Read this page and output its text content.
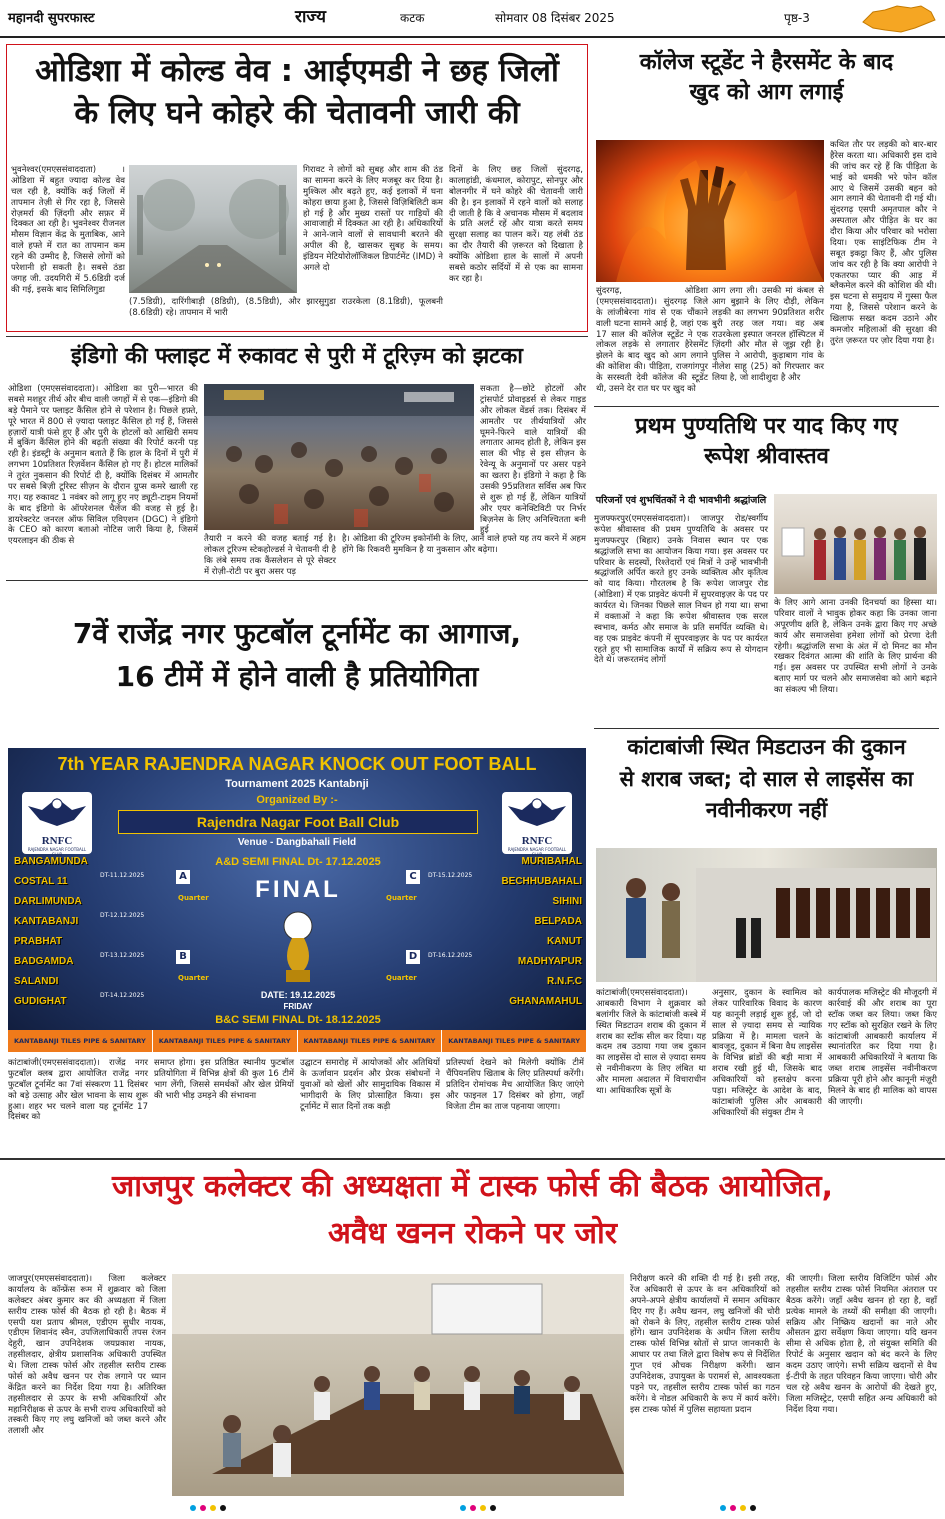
महानदी सुपरफास्ट	राज्य	कटक	सोमवार 08 दिसंबर 2025	पृष्ठ-3
ओडिशा में कोल्ड वेव : आईएमडी ने छह जिलों
के लिए घने कोहरे की चेतावनी जारी की
भुवनेश्वर(एमएससंवाददाता) । ओडिशा में बहुत ज्यादा कोल्ड वेव चल रही है, क्योंकि कई जिलों में तापमान तेज़ी से गिर रहा है, जिससे रोज़मर्रा की ज़िंदगी और सफ़र में दिक्कत आ रही है। भुवनेश्वर रीजनल मौसम विज्ञान केंद्र के मुताबिक, आने वाले हफ्ते में रात का तापमान कम रहने की उम्मीद है, जिससे लोगों को परेशानी हो सकती है। सबसे ठंडा जगह जी. उदयगिरी में 5.6डिग्री दर्ज की गई, इसके बाद सिमिलिगुडा
गिरावट ने लोगों को सुबह और शाम की ठंड का सामना करने के लिए मजबूर कर दिया है। मुश्किल और बढ़ते हुए, कई इलाकों में घना कोहरा छाया हुआ है, जिससे विज़िबिलिटी कम हो गई है और मुख्य रास्तों पर गाड़ियों की आवाजाही में दिक्कत आ रही है। अधिकारियों ने आने-जाने वालों से सावधानी बरतने की अपील की है, खासकर सुबह के समय। इंडियन मेटियोरोलॉजिकल डिपार्टमेंट (IMD) ने अगले दो
दिनों के लिए छह जिलों सुंदरगढ़, कालाहांडी, कंधमाल, कोरापुट, सोनपुर और बोलनगीर में घने कोहरे की चेतावनी जारी की है। इन इलाकों में रहने वालों को सलाह दी जाती है कि वे अचानक मौसम में बदलाव के प्रति अलर्ट रहें और यात्रा करते समय सुरक्षा सलाह का पालन करें। यह लंबी ठंड का दौर तैयारी की ज़रूरत को दिखाता है क्योंकि ओडिशा हाल के सालों में अपनी सबसे कठोर सर्दियों में से एक का सामना कर रहा है।
(7.5डिग्री), दारिंगीबाड़ी (8डिग्री), (8.5डिग्री), और झारसुगुडा राउरकेला (8.1डिग्री), फूलबनी (8.6डिग्री) रहे। तापमान में भारी
कॉलेज स्टूडेंट ने हैरसमेंट के बाद
खुद को आग लगाई
कथित तौर पर लड़की को बार-बार हैरेस करता था। अधिकारी इस दावे की जांच कर रहे हैं कि पीड़िता के भाई को धमकी भरे फोन कॉल आए थे जिसमें उसकी बहन को आग लगाने की चेतावनी दी गई थी। सुंदरगढ़ एसपी अमृतपाल कौर ने अस्पताल और पीड़ित के घर का दौरा किया और परिवार को भरोसा दिया। एक साइंटिफिक टीम ने सबूत इकट्ठा किए हैं, और पुलिस जांच कर रही है कि क्या आरोपी ने एकतरफा प्यार की आड़ में ब्लैकमेल करने की कोशिश की थी। इस घटना से समुदाय में गुस्सा फैल गया है, जिससे परेशान करने के खिलाफ सख्त कदम उठाने और कमजोर महिलाओं की सुरक्षा की तुरंत ज़रूरत पर ज़ोर दिया गया है।
सुंदरगढ़, ओडिशा (एमएससंवाददाता)। सुंदरगढ़ जिले के लांजीबेरना गांव से एक चौंकाने वाली घटना सामने आई है, जहां एक 17 साल की कॉलेज स्टूडेंट ने एक लोकल लड़के से लगातार हैरेसमेंट झेलने के बाद खुद को आग लगाने की कोशिश की। पीड़िता, राजगांगपुर के सरस्वती देवी कॉलेज की स्टूडेंट थी, उसने देर रात घर पर खुद को
आग लगा ली। उसकी मां कंबल से आग बुझाने के लिए दौड़ी, लेकिन लड़की का लगभग 90प्रतिशत शरीर बुरी तरह जल गया। वह अब राउरकेला इस्पात जनरल हॉस्पिटल में ज़िंदगी और मौत से जूझ रही है। पुलिस ने आरोपी, कुड़ाबाग गांव के नीलेश साहू (25) को गिरफ्तार कर लिया है, जो शादीशुदा है और
इंडिगो की फ्लाइट में रुकावट से पुरी में टूरिज़्म को झटका
ओडिशा (एमएससंवाददाता)। ओडिशा का पुरी—भारत की सबसे मशहूर तीर्थ और बीच वाली जगहों में से एक—इंडिगो की बड़े पैमाने पर फ्लाइट कैंसिल होने से परेशान है। पिछले हफ़्ते, पूरे भारत में 800 से ज़्यादा फ्लाइट कैंसिल हो गईं हैं, जिससे हज़ारों यात्री फंसे हुए हैं और पुरी के होटलों को आखिरी समय में बुकिंग कैंसिल होने की बढ़ती संख्या की रिपोर्ट करनी पड़ रही है। इंडस्ट्री के अनुमान बताते हैं कि हाल के दिनों में पुरी में लगभग 10प्रतिशत रिज़र्वेशन कैंसिल हो गए हैं। होटल मालिकों ने तुरंत नुकसान की रिपोर्ट दी है, क्योंकि दिसंबर में आमतौर पर सबसे बिज़ी टूरिस्ट सीज़न के दौरान ग्रुप्स कमरे खाली रह गए। यह रुकावट 1 नवंबर को लागू हुए नए ड्यूटी-टाइम नियमों के बाद इंडिगो के ऑपरेशनल चैलेंज की वजह से हुई है। डायरेक्टरेट जनरल ऑफ सिविल एविएशन (DGC) ने इंडिगो के CEO को कारण बताओ नोटिस जारी किया है, जिसमें एयरलाइन की ठीक से
सकता है—छोटे होटलों और ट्रांसपोर्ट प्रोवाइडर्स से लेकर गाइड और लोकल वेंडर्स तक। दिसंबर में आमतौर पर तीर्थयात्रियों और घूमने-फिरने वाले यात्रियों की लगातार आमद होती है, लेकिन इस साल की भीड़ से इस सीज़न के रेवेन्यू के अनुमानों पर असर पड़ने का खतरा है। इंडिगो ने कहा है कि उसकी 95प्रतिशत सर्विस अब फिर से शुरू हो गई हैं, लेकिन यात्रियों और एयर कनेक्टिविटी पर निर्भर बिज़नेस के लिए अनिश्चितता बनी हुई
तैयारी न करने की वजह बताई गई है। लोकल टूरिज्म स्टेकहोल्डर्स ने चेतावनी दी है कि लंबे समय तक कैंसलेशन से पूरे सेक्टर में रोज़ी-रोटी पर बुरा असर पड़
है। ओडिशा की टूरिज्म इकोनॉमी के लिए, आने वाले हफ्ते यह तय करने में अहम होंगे कि रिकवरी मुमकिन है या नुकसान और बढ़ेगा।
प्रथम पुण्यतिथि पर याद किए गए
रूपेश श्रीवास्तव
परिजनों एवं शुभचिंतकों ने दी भावभीनी श्रद्धांजलि
मुजफ्फरपुर(एमएससंवाददाता)। जाजपुर रोड/स्वर्गीय रूपेश श्रीवास्तव की प्रथम पुण्यतिथि के अवसर पर मुजफ्फरपुर (बिहार) उनके निवास स्थान पर एक श्रद्धांजलि सभा का आयोजन किया गया। इस अवसर पर परिवार के सदस्यों, रिश्तेदारों एवं मित्रों ने उन्हें भावभीनी श्रद्धांजलि अर्पित करते हुए उनके व्यक्तित्व और कृतित्व को याद किया। गौरतलब है कि रूपेश जाजपुर रोड (ओडिशा) में एक प्राइवेट कंपनी में सुपरवाइज़र के पद पर कार्यरत थे। जिनका पिछले साल निधन हो गया था। सभा में वक्ताओं ने कहा कि रूपेश श्रीवास्तव एक सरल स्वभाव, कर्मठ और समाज के प्रति समर्पित व्यक्ति थे। वह एक प्राइवेट कंपनी में सुपरवाइज़र के पद पर कार्यरत रहते हुए भी सामाजिक कार्यों में सक्रिय रूप से योगदान देते थे। जरूरतमंद लोगों
के लिए आगे आना उनकी दिनचर्या का हिस्सा था। परिवार वालों ने भावुक होकर कहा कि उनका जाना अपूरणीय क्षति है, लेकिन उनके द्वारा किए गए अच्छे कार्य और समाजसेवा हमेशा लोगों को प्रेरणा देती रहेगी। श्रद्धांजलि सभा के अंत में दो मिनट का मौन रखकर दिवंगत आत्मा की शांति के लिए प्रार्थना की गई। इस अवसर पर उपस्थित सभी लोगों ने उनके बताए मार्ग पर चलने और समाजसेवा को आगे बढ़ाने का संकल्प भी लिया।
7वें राजेंद्र नगर फुटबॉल टूर्नामेंट का आगाज,
16 टीमें में होने वाली है प्रतियोगिता
7th YEAR RAJENDRA NAGAR KNOCK OUT FOOT BALL
Tournament 2025 Kantabnji
Organized By :-
Rajendra Nagar Foot Ball Club
Venue - Dangbahali Field
RNFC
RAJENDRA NAGAR FOOTBALL CLUB
RNFC
RAJENDRA NAGAR FOOTBALL CLUB
A&D SEMI FINAL Dt- 17.12.2025
FINAL
DATE: 19.12.2025
FRIDAY
B&C SEMI FINAL Dt- 18.12.2025
BANGAMUNDA
COSTAL 11
DARLIMUNDA
KANTABANJI
PRABHAT
BADGAMDA
SALANDI
GUDIGHAT
MURIBAHAL
BECHHUBAHALI
SIHINI
BELPADA
KANUT
MADHYAPUR
R.N.F.C
GHANAMAHUL
A
B
C
D
DT-11.12.2025
DT-12.12.2025
DT-13.12.2025
DT-14.12.2025
DT-15.12.2025
DT-16.12.2025
Quarter
Quarter
Quarter
Quarter
KANTABANJI TILES PIPE & SANITARY	KANTABANJI TILES PIPE & SANITARY	KANTABANJI TILES PIPE & SANITARY	KANTABANJI TILES PIPE & SANITARY
कांटाबांजी(एमएससंवाददाता)। राजेंद्र नगर फुटबॉल क्लब द्वारा आयोजित राजेंद्र नगर फुटबॉल टूर्नामेंट का 7वां संस्करण 11 दिसंबर को बड़े उत्साह और खेल भावना के साथ शुरू हुआ। शहर भर चलने वाला यह टूर्नामेंट 17 दिसंबर को
समाप्त होगा। इस प्रतिष्ठित स्थानीय फुटबॉल प्रतियोगिता में विभिन्न क्षेत्रों की कुल 16 टीमें भाग लेंगी, जिससे समर्थकों और खेल प्रेमियों की भारी भीड़ उमड़ने की संभावना
उद्घाटन समारोह में आयोजकों और अतिथियों के ऊर्जावान प्रदर्शन और प्रेरक संबोधनों ने युवाओं को खेलों और सामुदायिक विकास में भागीदारी के लिए प्रोत्साहित किया। इस टूर्नामेंट में सात दिनों तक कड़ी
प्रतिस्पर्धा देखने को मिलेगी क्योंकि टीमें चैंपियनशिप खिताब के लिए प्रतिस्पर्धा करेंगी। प्रतिदिन रोमांचक मैच आयोजित किए जाएंगे और फाइनल 17 दिसंबर को होगा, जहाँ विजेता टीम का ताज पहनाया जाएगा।
कांटाबांजी स्थित मिडटाउन की दुकान
से शराब जब्त; दो साल से लाइसेंस का
नवीनीकरण नहीं
कांटाबांजी(एमएससंवाददाता)। आबकारी विभाग ने शुक्रवार को बलांगीर जिले के कांटाबांजी कस्बे में स्थित मिडटाउन शराब की दुकान में शराब का स्टॉक सील कर दिया। यह कदम तब उठाया गया जब दुकान का लाइसेंस दो साल से ज़्यादा समय से नवीनीकरण के लिए लंबित था और मामला अदालत में विचाराधीन था। आधिकारिक सूत्रों के
अनुसार, दुकान के स्वामित्व को लेकर पारिवारिक विवाद के कारण यह कानूनी लड़ाई शुरू हुई, जो दो साल से ज़्यादा समय से न्यायिक प्रक्रिया में है। मामला चलने के बावजूद, दुकान में बिना वैध लाइसेंस के विभिन्न ब्रांडों की बड़ी मात्रा में शराब रखी हुई थी, जिसके बाद अधिकारियों को हस्तक्षेप करना पड़ा। मजिस्ट्रेट के आदेश के बाद, कांटाबांजी पुलिस और आबकारी अधिकारियों की संयुक्त टीम ने
कार्यपालक मजिस्ट्रेट की मौजूदगी में कार्रवाई की और शराब का पूरा स्टॉक जब्त कर लिया। जब्त किए गए स्टॉक को सुरक्षित रखने के लिए कांटाबांजी आबकारी कार्यालय में स्थानांतरित कर दिया गया है। आबकारी अधिकारियों ने बताया कि जब्त शराब लाइसेंस नवीनीकरण प्रक्रिया पूरी होने और कानूनी मंज़ूरी मिलने के बाद ही मालिक को वापस की जाएगी।
जाजपुर कलेक्टर की अध्यक्षता में टास्क फोर्स की बैठक आयोजित,
अवैध खनन रोकने पर जोर
जाजपुर(एमएससंवाददाता)। जिला कलेक्टर कार्यालय के कॉन्फ्रेंस रूम में शुक्रवार को जिला कलेक्टर अंबर कुमार कर की अध्यक्षता में जिला स्तरीय टास्क फोर्स की बैठक हो रही है। बैठक में एसपी यश प्रताप श्रीमल, एडीएम सुधीर नायक, एडीएम शिवानंद स्वैन, उपजिलाधिकारी तपस रंजन देहुरी, खान उपनिदेशक जयप्रकाश नायक, तहसीलदार, क्षेत्रीय प्रशासनिक अधिकारी उपस्थित थे। जिला टास्क फोर्स और तहसील स्तरीय टास्क फोर्स को अवैध खनन पर रोक लगाने पर ध्यान केंद्रित करने का निर्देश दिया गया है। अतिरिक्त तहसीलदार से ऊपर के सभी अधिकारियों और महानिरीक्षक से ऊपर के सभी राज्य अधिकारियों को तस्करी किए गए लघु खनिजों को जब्त करने और तलाशी और
निरीक्षण करने की शक्ति दी गई है। इसी तरह, रेंज अधिकारी से ऊपर के वन अधिकारियों को अपने-अपने क्षेत्रीय कार्यालयों में समान अधिकार दिए गए हैं। अवैध खनन, लघु खनिजों की चोरी को रोकने के लिए, तहसील स्तरीय टास्क फोर्स होंगे। खान उपनिदेशक के अधीन जिला स्तरीय टास्क फोर्स विभिन्न स्रोतों से प्राप्त जानकारी के आधार पर तथा जिले द्वारा विशेष रूप से निर्देशित गुप्त एवं औचक निरीक्षण करेंगी। खान उपनिदेशक, उपायुक्त के परामर्श से, आवश्यकता पड़ने पर, तहसील स्तरीय टास्क फोर्स का गठन करेंगे। वे नोडल अधिकारी के रूप में कार्य करेंगे। इस टास्क फोर्स में पुलिस सहायता प्रदान
की जाएगी। जिला स्तरीय विजिटिंग फोर्स और तहसील स्तरीय टास्क फोर्स नियमित अंतराल पर बैठक करेंगे। जहाँ अवैध खनन हो रहा है, वहाँ प्रत्येक मामले के तथ्यों की समीक्षा की जाएगी। सक्रिय और निष्क्रिय खदानों का नाते और औसतन द्वारा सर्वेक्षण किया जाएगा। यदि खनन सीमा से अधिक होता है, तो संयुक्त समिति की रिपोर्ट के अनुसार खदान को बंद करने के लिए कदम उठाए जाएंगे। सभी सक्रिय खदानों से वैध ई-टीपी के तहत परिवहन किया जाएगा। चोरी और चल रहे अवैध खनन के आरोपों की देखते हुए, जिला मजिस्ट्रेट, एसपी सहित अन्य अधिकारी को निर्देश दिया गया।
